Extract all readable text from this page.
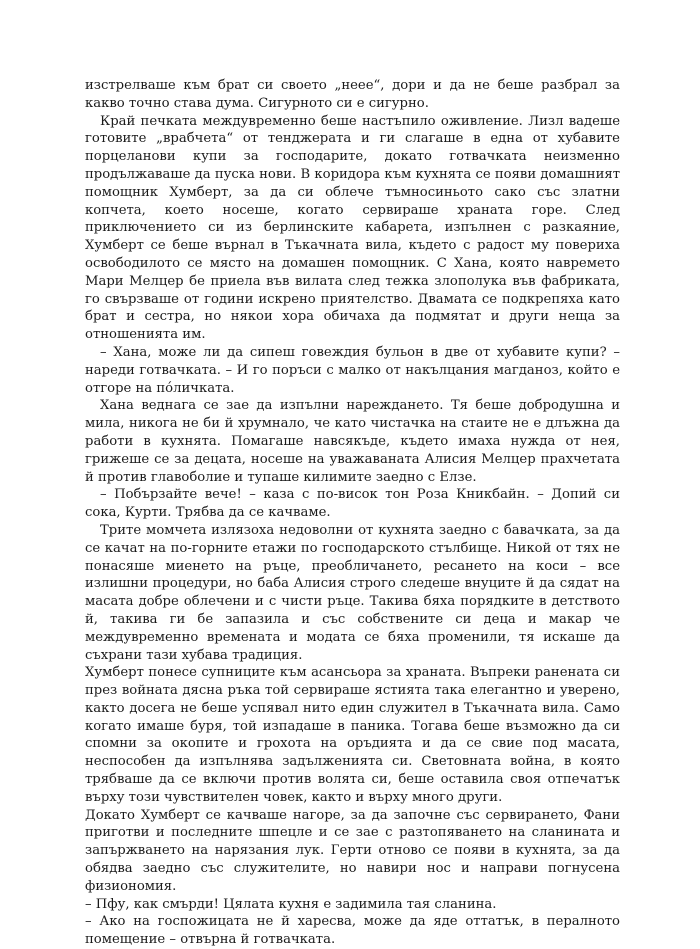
изстрелваше към брат си своето „неее“, дори и да не беше разбрал за какво точно става дума. Сигурното си е сигурно.

Край печката междувременно беше настъпило оживление. Лизл вадеше готовите „врабчета“ от тенджерата и ги слагаше в една от хубавите порцеланови купи за господарите, докато готвачката неизменно продължаваше да пуска нови. В коридора към кухнята се появи домашният помощник Хумберт, за да си облече тъмносиньото сако със златни копчета, което носеше, когато сервираше храната горе. След приключението си из берлинските кабарета, изпълнен с разкаяние, Хумберт се беше върнал в Тъкачната вила, където с радост му повериха освободилото се място на домашен помощник. С Хана, която навремето Мари Мелцер бе приела във вилата след тежка злополука във фабриката, го свързваше от години искрено приятелство. Двамата се подкрепяха като брат и сестра, но някои хора обичаха да подмятат и други неща за отношенията им.

– Хана, може ли да сипеш говеждия бульон в две от хубавите купи? – нареди готвачката. – И го поръси с малко от накълцания магданоз, който е отгоре на пóличката.

Хана веднага се зае да изпълни нареждането. Тя беше добродушна и мила, никога не би й хрумнало, че като чистачка на стаите не е длъжна да работи в кухнята. Помагаше навсякъде, където имаха нужда от нея, грижеше се за децата, носеше на уважаваната Алисия Мелцер прахчетата й против главоболие и тупаше килимите заедно с Елзе.

– Побързайте вече! – каза с по-висок тон Роза Кникбайн. – Допий си сока, Курти. Трябва да се качваме.

Трите момчета излязоха недоволни от кухнята заедно с бавачката, за да се качат на по-горните етажи по господарското стълбище. Никой от тях не понасяше миенето на ръце, преобличането, ресането на коси – все излишни процедури, но баба Алисия строго следеше внуците й да сядат на масата добре облечени и с чисти ръце. Такива бяха порядките в детството й, такива ги бе запазила и със собствените си деца и макар че междувременно времената и модата се бяха променили, тя искаше да съхрани тази хубава традиция.

Хумберт понесе супниците към асансьора за храната. Въпреки ранената си през войната дясна ръка той сервираше ястията така елегантно и уверено, както досега не беше успявал нито един служител в Тъкачната вила. Само когато имаше буря, той изпадаше в паника. Тогава беше възможно да си спомни за окопите и грохота на оръдията и да се свие под масата, неспособен да изпълнява задълженията си. Световната война, в която трябваше да се включи против волята си, беше оставила своя отпечатък върху този чувствителен човек, както и върху много други.

Докато Хумберт се качваше нагоре, за да започне със сервирането, Фани приготви и последните шпецле и се зае с разтопяването на сланината и запържването на нарязания лук. Герти отново се появи в кухнята, за да обядва заедно със служителите, но навири нос и направи погнусена физиономия.

– Пфу, как смърди! Цялата кухня е задимила тая сланина.

– Ако на госпожицата не й харесва, може да яде оттатък, в пералното помещение – отвърна й готвачката.
